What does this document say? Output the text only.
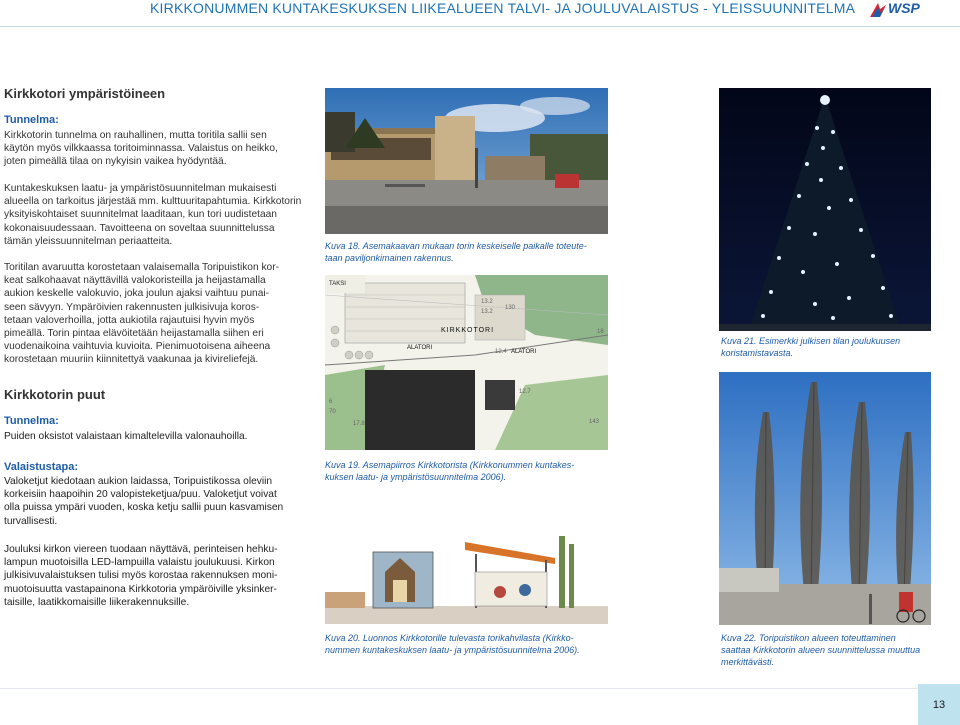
KIRKKONUMMEN KUNTAKESKUKSEN LIIKEALUEEN TALVI- JA JOULUVALAISTUS - YLEISSUUNNITELMA WSP
Kirkkotori ympäristöineen
Tunnelma:
Kirkkotorin tunnelma on rauhallinen, mutta toritila sallii sen
käytön myös vilkkaassa toritoiminnassa. Valaistus on heikko,
joten pimeällä tilaa on nykyisin vaikea hyödyntää.
Kuntakeskuksen laatu- ja ympäristösuunnitelman mukaisesti
alueella on tarkoitus järjestää mm. kulttuuritapahtumia. Kirkkotorin
yksityiskohtaiset suunnitelmat laaditaan, kun tori uudistetaan
kokonaisuudessaan. Tavoitteena on soveltaa suunnittelussa
tämän yleissuunnitelman periaatteita.
Toritilan avaruutta korostetaan valaisemalla Toripuistikon kor-
keat salkohaavat näyttävillä valokoristeilla ja heijastamalla
aukion keskelle valokuvio, joka joulun ajaksi vaihtuu punai-
seen sävyyn. Ympäröivien rakennusten julkisivuja koros-
tetaan valoverhoilla, jotta aukiotila rajautuisi hyvin myös
pimeällä. Torin pintaa elävöitetään heijastamalla siihen eri
vuodenaikoina vaihtuvia kuvioita. Pienimuotoisena aiheena
korostetaan muuriin kiinnitettyä vaakunaa ja kivireliefejä.
Kirkkotorin puut
Tunnelma:
Puiden oksistot valaistaan kimaltelevilla valonauhoilla.
Valaistustapa:
Valoketjut kiedotaan aukion laidassa, Toripuistikossa oleviin
korkeisiin haapoihin 20 valopisteketjua/puu. Valoketjut voivat
olla puissa ympäri vuoden, koska ketju sallii puun kasvamisen
turvallisesti.
Jouluksi kirkon viereen tuodaan näyttävä, perinteisen hehku-
lampun muotoisilla LED-lampuilla valaistu joulukuusi. Kirkon
julkisivuvalaistuksen tulisi myös korostaa rakennuksen moni-
muotoisuutta vastapainona Kirkkotoria ympäröiville yksinker-
taisille, laatikkomaisille liikerakennuksille.
Kuva 18. Asemakaavan mukaan torin keskeiselle paikalle toteute-
taan paviljonkimainen rakennus.
TAKSI
KIRKKOTORI
ALATORI
ALATORI
13.2
13.2
130
16
12.4
12.7
143
70
17.8
6
Kuva 19. Asemapiirros Kirkkotorista (Kirkkonummen kuntakes-
kuksen laatu- ja ympäristösuunnitelma 2006).
Kuva 20. Luonnos Kirkkotorille tulevasta torikahvilasta (Kirkko-
nummen kuntakeskuksen laatu- ja ympäristösuunnitelma 2006).
Kuva 21. Esimerkki julkisen tilan joulukuusen
koristamistavasta.
Kuva 22. Toripuistikon alueen toteuttaminen
saattaa Kirkkotorin alueen suunnittelussa muuttua
merkittävästi.
13
